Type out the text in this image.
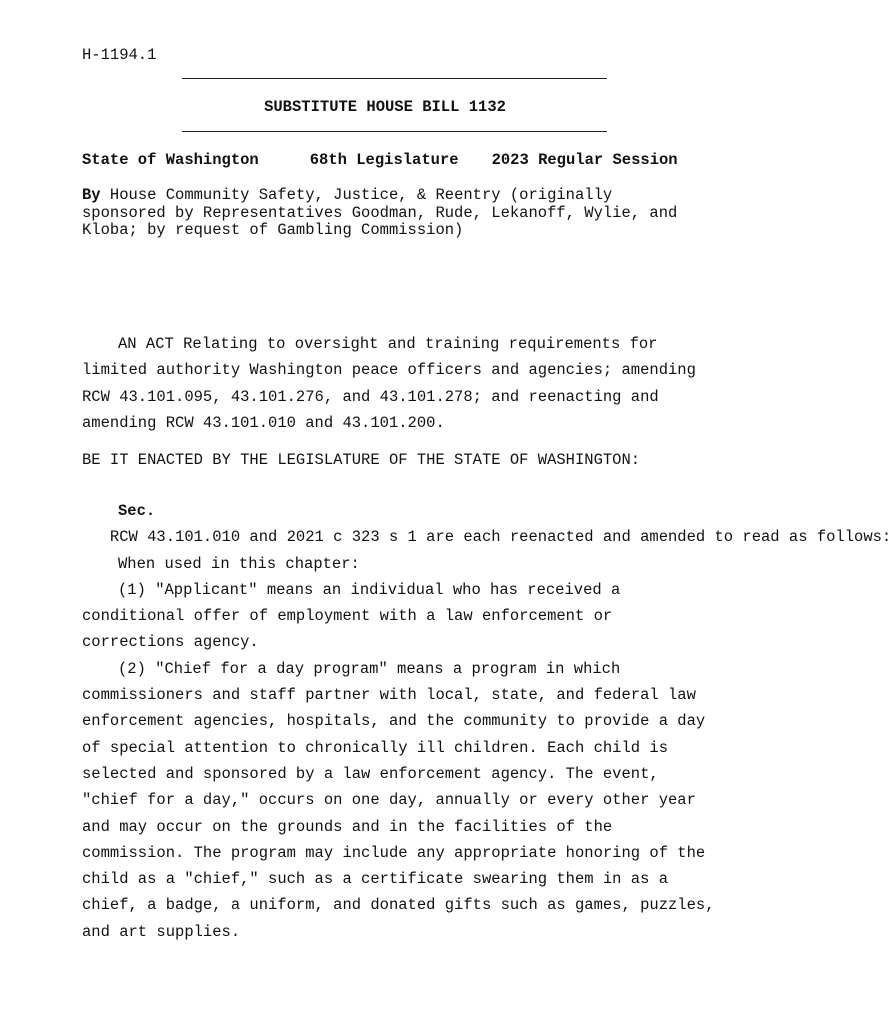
H-1194.1
SUBSTITUTE HOUSE BILL 1132
State of Washington	68th Legislature 2023 Regular Session
By House Community Safety, Justice, & Reentry (originally sponsored by Representatives Goodman, Rude, Lekanoff, Wylie, and Kloba; by request of Gambling Commission)

AN ACT Relating to oversight and training requirements for limited authority Washington peace officers and agencies; amending RCW 43.101.095, 43.101.276, and 43.101.278; and reenacting and amending RCW 43.101.010 and 43.101.200.

BE IT ENACTED BY THE LEGISLATURE OF THE STATE OF WASHINGTON:

Sec.   RCW 43.101.010 and 2021 c 323 s 1 are each reenacted and amended to read as follows:

When used in this chapter:

(1) "Applicant" means an individual who has received a conditional offer of employment with a law enforcement or corrections agency.

(2) "Chief for a day program" means a program in which commissioners and staff partner with local, state, and federal law enforcement agencies, hospitals, and the community to provide a day of special attention to chronically ill children. Each child is selected and sponsored by a law enforcement agency. The event, "chief for a day," occurs on one day, annually or every other year and may occur on the grounds and in the facilities of the commission. The program may include any appropriate honoring of the child as a "chief," such as a certificate swearing them in as a chief, a badge, a uniform, and donated gifts such as games, puzzles, and art supplies.
